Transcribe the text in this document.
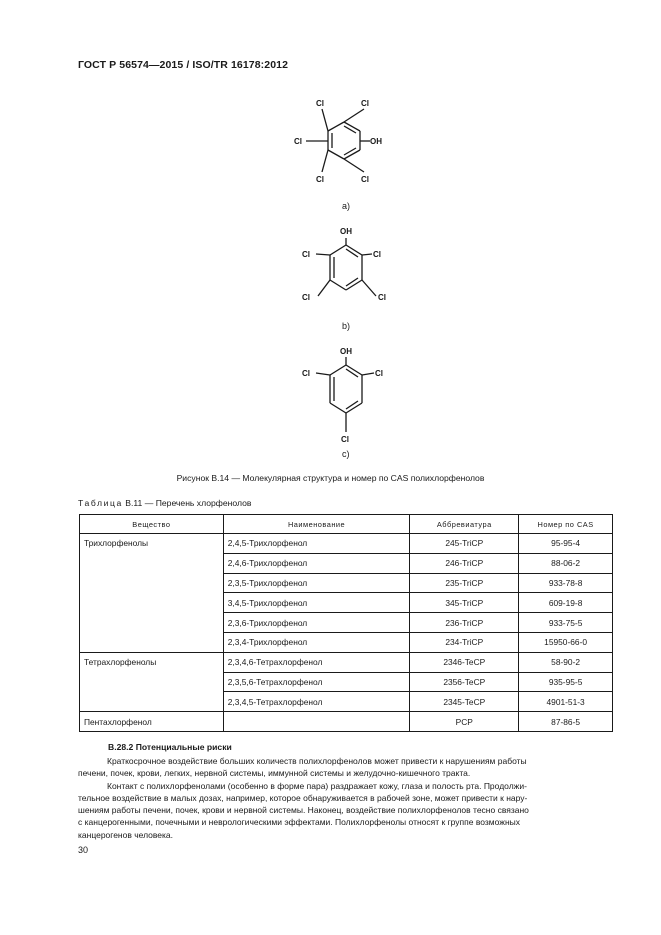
ГОСТ Р 56574—2015 / ISO/TR 16178:2012
Cl	Cl
Cl	OH
Cl	Cl
OH
Cl	Cl
Cl	Cl
OH
Cl	Cl
Cl
a)
b)
c)
Рисунок В.14 — Молекулярная структура и номер по CAS полихлорфенолов
Таблица В.11 — Перечень хлорфенолов
Вещество	Наименование	Аббревиатура	Номер по CAS
Трихлорфенолы	2,4,5-Трихлорфенол	245-TriCP	95-95-4
	2,4,6-Трихлорфенол	246-TriCP	88-06-2
	2,3,5-Трихлорфенол	235-TriCP	933-78-8
	3,4,5-Трихлорфенол	345-TriCP	609-19-8
	2,3,6-Трихлорфенол	236-TriCP	933-75-5
	2,3,4-Трихлорфенол	234-TriCP	15950-66-0
Тетрахлорфенолы	2,3,4,6-Тетрахлорфенол	2346-TeCP	58-90-2
	2,3,5,6-Тетрахлорфенол	2356-TeCP	935-95-5
	2,3,4,5-Тетрахлорфенол	2345-TeCP	4901-51-3
Пентахлорфенол		PCP	87-86-5
B.28.2 Потенциальные риски
Краткосрочное воздействие больших количеств полихлорфенолов может привести к нарушениям работы
печени, почек, крови, легких, нервной системы, иммунной системы и желудочно-кишечного тракта.
Контакт с полихлорфенолами (особенно в форме пара) раздражает кожу, глаза и полость рта. Продолжи-
тельное воздействие в малых дозах, например, которое обнаруживается в рабочей зоне, может привести к нару-
шениям работы печени, почек, крови и нервной системы. Наконец, воздействие полихлорфенолов тесно связано
с канцерогенными, почечными и неврологическими эффектами. Полихлорфенолы относят к группе возможных
канцерогенов человека.
30
